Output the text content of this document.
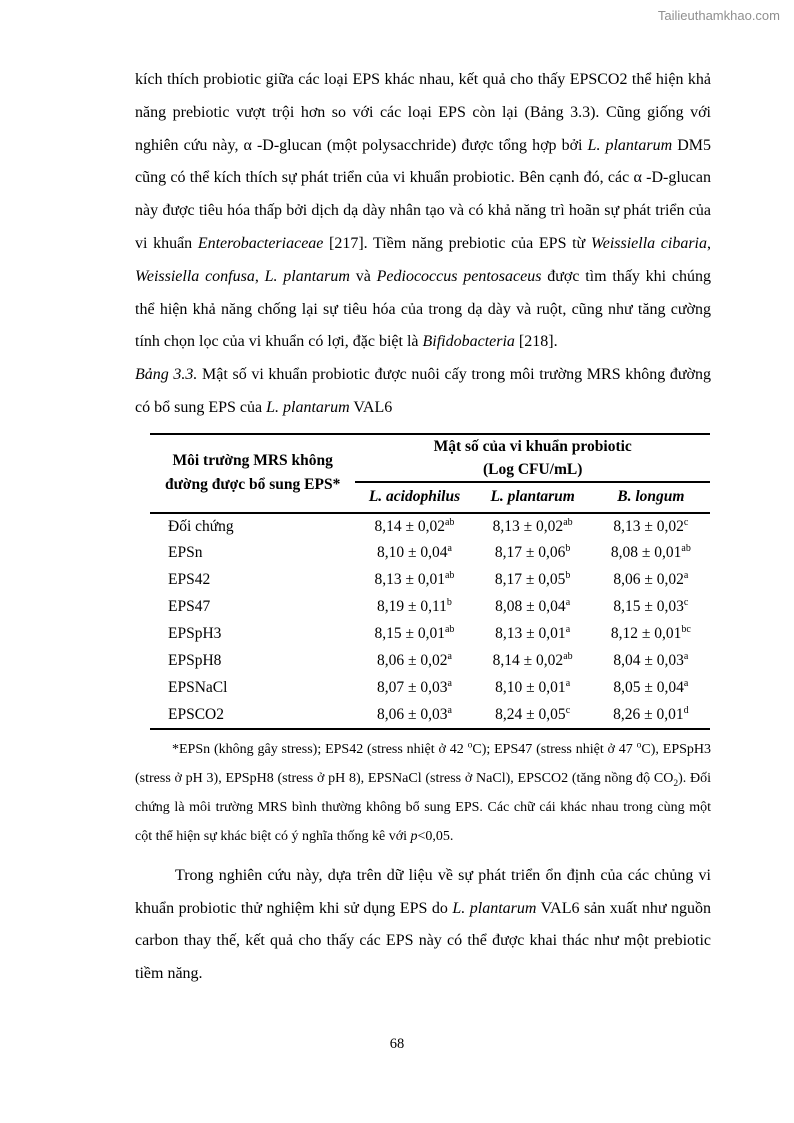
Tailieuthamkhao.com

kích thích probiotic giữa các loại EPS khác nhau, kết quả cho thấy EPSCO2 thể hiện khả năng prebiotic vượt trội hơn so với các loại EPS còn lại (Bảng 3.3). Cũng giống với nghiên cứu này, α -D-glucan (một polysacchride) được tổng hợp bởi L. plantarum DM5 cũng có thể kích thích sự phát triển của vi khuẩn probiotic. Bên cạnh đó, các α -D-glucan này được tiêu hóa thấp bởi dịch dạ dày nhân tạo và có khả năng trì hoãn sự phát triển của vi khuẩn Enterobacteriaceae [217]. Tiềm năng prebiotic của EPS từ Weissiella cibaria, Weissiella confusa, L. plantarum và Pediococcus pentosaceus được tìm thấy khi chúng thể hiện khả năng chống lại sự tiêu hóa của trong dạ dày và ruột, cũng như tăng cường tính chọn lọc của vi khuẩn có lợi, đặc biệt là Bifidobacteria [218].

Bảng 3.3. Mật số vi khuẩn probiotic được nuôi cấy trong môi trường MRS không đường có bổ sung EPS của L. plantarum VAL6

Môi trường MRS không
đường được bổ sung EPS*

Mật số của vi khuẩn probiotic
(Log CFU/mL)

	L. acidophilus	L. plantarum	B. longum
Đối chứng	8,14 ± 0,02$^{ab}$	8,13 ± 0,02$^{ab}$	8,13 ± 0,02$^c$
EPSn	8,10 ± 0,04$^a$	8,17 ± 0,06$^b$	8,08 ± 0,01$^{ab}$
EPS42	8,13 ± 0,01$^{ab}$	8,17 ± 0,05$^b$	8,06 ± 0,02$^a$
EPS47	8,19 ± 0,11$^b$	8,08 ± 0,04$^a$	8,15 ± 0,03$^c$
EPSpH3	8,15 ± 0,01$^{ab}$	8,13 ± 0,01$^a$	8,12 ± 0,01$^{bc}$
EPSpH8	8,06 ± 0,02$^a$	8,14 ± 0,02$^{ab}$	8,04 ± 0,03$^a$
EPSNaCl	8,07 ± 0,03$^a$	8,10 ± 0,01$^a$	8,05 ± 0,04$^a$
EPSCO2	8,06 ± 0,03$^a$	8,24 ± 0,05$^c$	8,26 ± 0,01$^d$
*EPSn (không gây stress); EPS42 (stress nhiệt ở 42 $^o$C); EPS47 (stress nhiệt ở 47 $^o$C), EPSpH3 (stress ở pH 3), EPSpH8 (stress ở pH 8), EPSNaCl (stress ở NaCl), EPSCO2 (tăng nồng độ $CO_2$). Đối chứng là môi trường MRS bình thường không bổ sung EPS. Các chữ cái khác nhau trong cùng một cột thể hiện sự khác biệt có ý nghĩa thống kê với p<0,05.

Trong nghiên cứu này, dựa trên dữ liệu về sự phát triển ổn định của các chủng vi khuẩn probiotic thử nghiệm khi sử dụng EPS do L. plantarum VAL6 sản xuất như nguồn carbon thay thế, kết quả cho thấy các EPS này có thể được khai thác như một prebiotic tiềm năng.

68
